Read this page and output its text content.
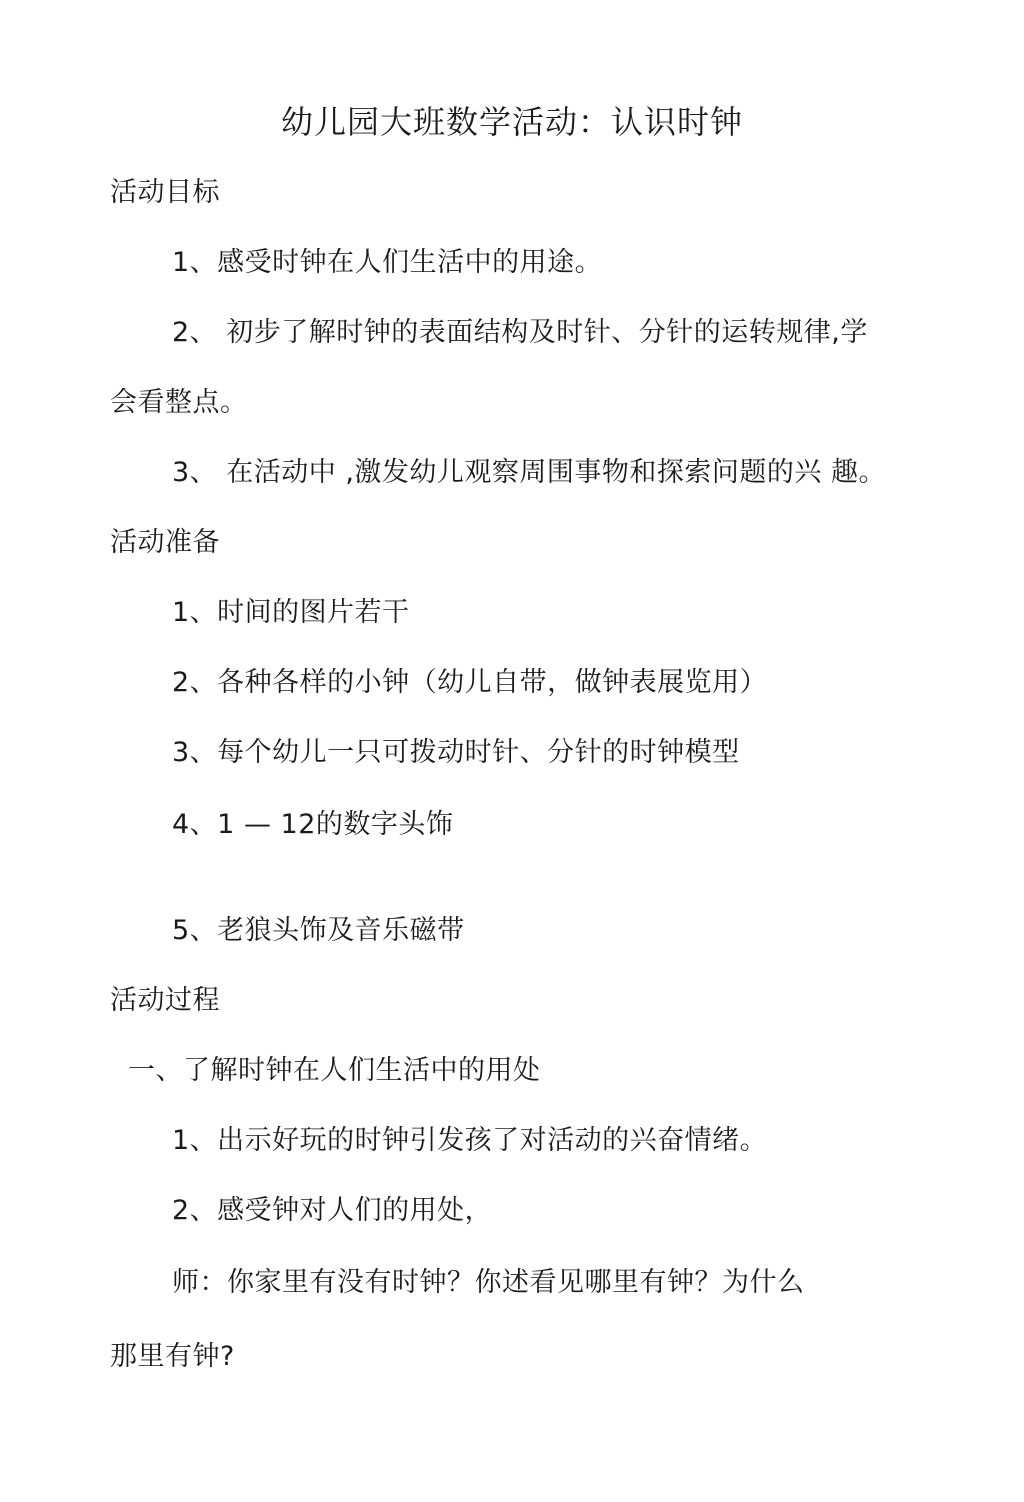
幼儿园大班数学活动：认识时钟
活动目标
1、感受时钟在人们生活中的用途。
2、 初步了解时钟的表面结构及时针、分针的运转规律,学
会看整点。
3、 在活动中 ,激发幼儿观察周围事物和探索问题的兴 趣。
活动准备
1、时间的图片若干
2、各种各样的小钟（幼儿自带，做钟表展览用）
3、每个幼儿一只可拨动时针、分针的时钟模型
4、1 — 12的数字头饰
5、老狼头饰及音乐磁带
活动过程
一、了解时钟在人们生活中的用处
1、出示好玩的时钟引发孩了对活动的兴奋情绪。
2、感受钟对人们的用处，
师：你家里有没有时钟？你述看见哪里有钟？为什么
那里有钟?
